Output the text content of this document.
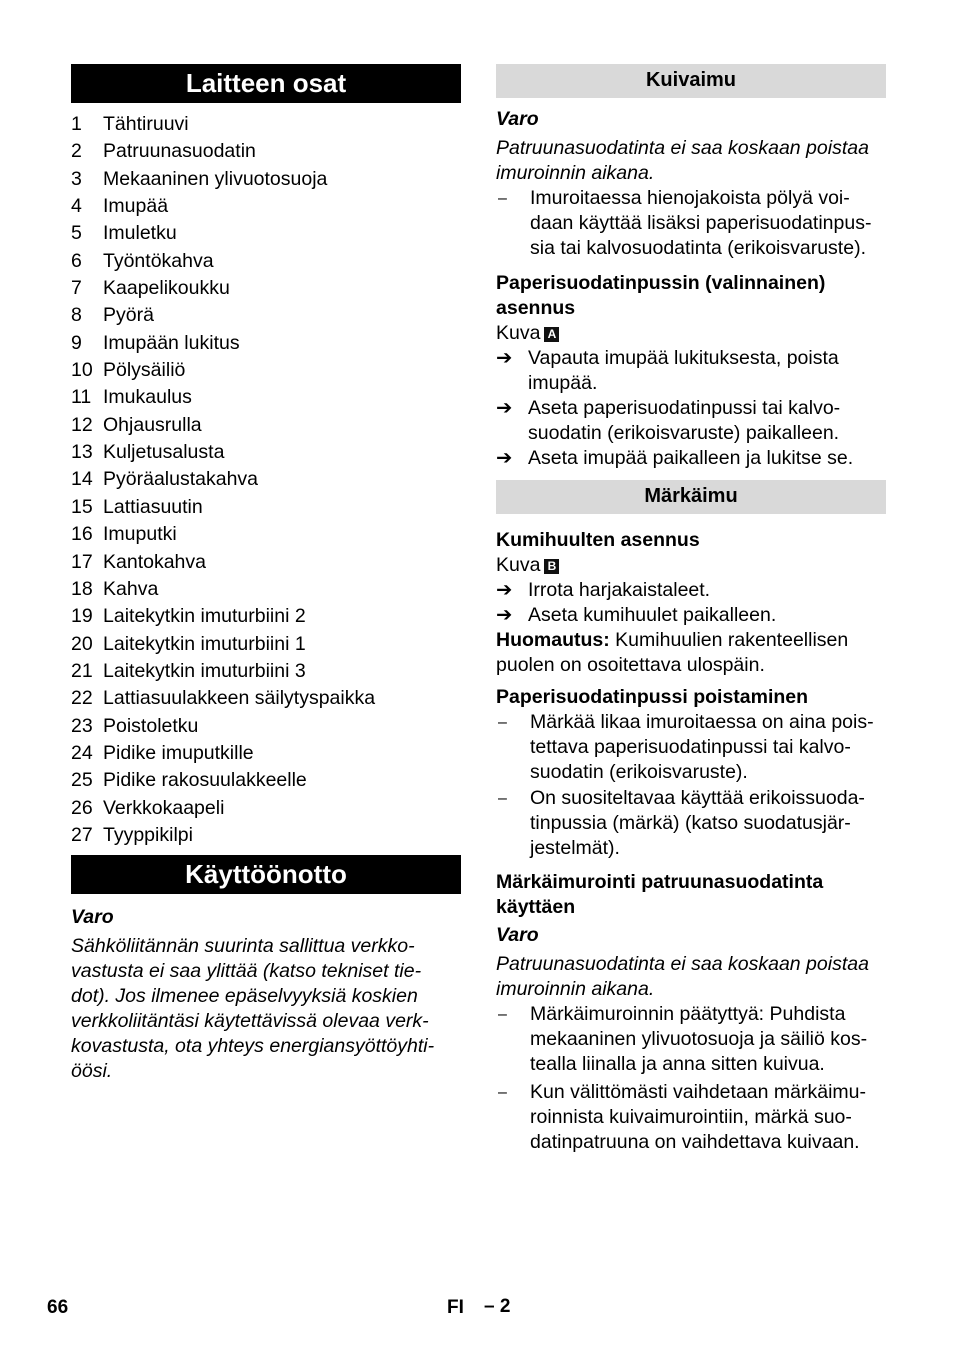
Laitteen osat
1	Tähtiruuvi
2	Patruunasuodatin
3	Mekaaninen ylivuotosuoja
4	Imupää
5	Imuletku
6	Työntökahva
7	Kaapelikoukku
8	Pyörä
9	Imupään lukitus
10 Pölysäiliö
11 Imukaulus
12 Ohjausrulla
13 Kuljetusalusta
14 Pyöräalustakahva
15 Lattiasuutin
16 Imuputki
17 Kantokahva
18 Kahva
19 Laitekytkin imuturbiini 2
20 Laitekytkin imuturbiini 1
21 Laitekytkin imuturbiini 3
22 Lattiasuulakkeen säilytyspaikka
23 Poistoletku
24 Pidike imuputkille
25 Pidike rakosuulakkeelle
26 Verkkokaapeli
27 Tyyppikilpi
Käyttöönotto
Varo
Sähköliitännän suurinta sallittua verkko-
vastusta ei saa ylittää (katso tekniset tie-
dot). Jos ilmenee epäselvyyksiä koskien
verkkoliitäntäsi käytettävissä olevaa verk-
kovastusta, ota yhteys energiansyöttöyhti-
öösi.
Kuivaimu
Varo
Patruunasuodatinta ei saa koskaan poistaa
imuroinnin aikana.
–	Imuroitaessa hienojakoista pölyä voi-
daan käyttää lisäksi paperisuodatinpus-
sia tai kalvosuodatinta (erikoisvaruste).
Paperisuodatinpussin (valinnainen)
asennus
Kuva A
➔ Vapauta imupää lukituksesta, poista
imupää.
➔ Aseta paperisuodatinpussi tai kalvo-
suodatin (erikoisvaruste) paikalleen.
➔ Aseta imupää paikalleen ja lukitse se.
Märkäimu
Kumihuulten asennus
Kuva B
➔ Irrota harjakaistaleet.
➔ Aseta kumihuulet paikalleen.
Huomautus: Kumihuulien rakenteellisen
puolen on osoitettava ulospäin.
Paperisuodatinpussi poistaminen
–	Märkää likaa imuroitaessa on aina pois-
tettava paperisuodatinpussi tai kalvo-
suodatin (erikoisvaruste).
–	On suositeltavaa käyttää erikoissuoda-
tinpussia (märkä) (katso suodatusjär-
jestelmät).
Märkäimurointi patruunasuodatinta
käyttäen
Varo
Patruunasuodatinta ei saa koskaan poistaa
imuroinnin aikana.
–	Märkäimuroinnin päätyttyä: Puhdista
mekaaninen ylivuotosuoja ja säiliö kos-
tealla liinalla ja anna sitten kuivua.
–	Kun välittömästi vaihdetaan märkäimu-
roinnista kuivaimurointiin, märkä suo-
datinpatruuna on vaihdettava kuivaan.
66	FI – 2
